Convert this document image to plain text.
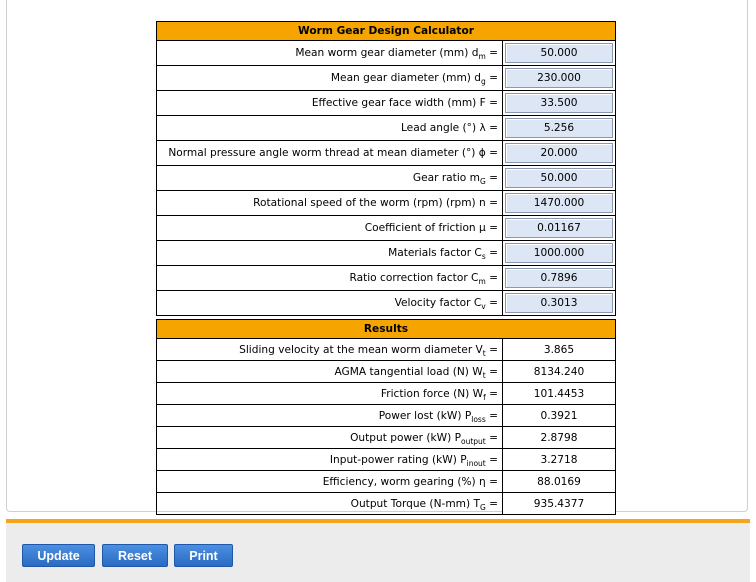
Worm Gear Design Calculator	
Mean worm gear diameter (mm) $d_m$ =	50.000

Mean gear diameter (mm) $d_g$ =	230.000

Effective gear face width (mm) F =	33.500

Lead angle (°) λ =	5.256

Normal pressure angle worm thread at mean diameter (°) ϕ =	20.000

Gear ratio $m_G$ =	50.000

Rotational speed of the worm (rpm) (rpm) n =	1470.000

Coefficient of friction μ =	0.01167

Materials factor $C_s$ =	1000.000

Ratio correction factor $C_m$ =	0.7896

Velocity factor $C_v$ =	0.3013

Results	
Sliding velocity at the mean worm diameter $V_t$ =	3.865
AGMA tangential load (N) $W_t$ =	8134.240
Friction force (N) $W_f$ =	101.4453
Power lost (kW) $P_{loss}$ =	0.3921
Output power (kW) $P_{output}$ =	2.8798
Input-power rating (kW) $P_{inout}$ =	3.2718
Efficiency, worm gearing (%) η =	88.0169
Output Torque (N-mm) $T_G$ =	935.4377
Update	Reset	Print
